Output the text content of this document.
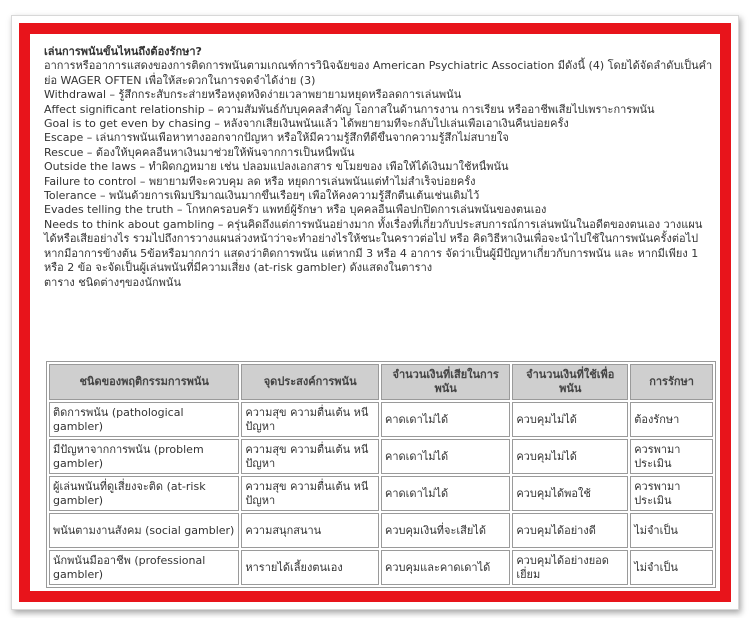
เล่นการพนันขั้นไหนถึงต้องรักษา?
อาการหรืออาการแสดงของการติดการพนันตามเกณฑ์การวินิจฉัยของ American Psychiatric Association มีดังนี้ (4) โดยได้จัดลำดับเป็นคำย่อ WAGER OFTEN เพื่อให้สะดวกในการจดจำได้ง่าย (3)
Withdrawal – รู้สึกกระสับกระส่ายหรือหงุดหงิดง่ายเวลาพยายามหยุดหรือลดการเล่นพนัน
Affect significant relationship – ความสัมพันธ์กับบุคคลสำคัญ โอกาสในด้านการงาน การเรียน หรืออาชีพเสียไปเพราะการพนัน
Goal is to get even by chasing – หลังจากเสียเงินพนันแล้ว ได้พยายามที่จะกลับไปเล่นเพื่อเอาเงินคืนบ่อยครั้ง
Escape – เล่นการพนันเพื่อหาทางออกจากปัญหา หรือให้มีความรู้สึกที่ดีขึ้นจากความรู้สึกไม่สบายใจ
Rescue – ต้องให้บุคคลอื่นหาเงินมาช่วยให้พ้นจากการเป็นหนี้พนัน
Outside the laws – ทำผิดกฎหมาย เช่น ปลอมแปลงเอกสาร ขโมยของ เพื่อให้ได้เงินมาใช้หนี้พนัน
Failure to control – พยายามที่จะควบคุม ลด หรือ หยุดการเล่นพนันแต่ทำไม่สำเร็จบ่อยครั้ง
Tolerance – พนันด้วยการเพิ่มปริมาณเงินมากขึ้นเรื่อยๆ เพื่อให้คงความรู้สึกตื่นเต้นเช่นเดิมไว้
Evades telling the truth – โกหกครอบครัว แพทย์ผู้รักษา หรือ บุคคลอื่นเพื่อปกปิดการเล่นพนันของตนเอง
Needs to think about gambling – ครุ่นคิดถึงแต่การพนันอย่างมาก ทั้งเรื่องที่เกี่ยวกับประสบการณ์การเล่นพนันในอดีตของตนเอง วางแผนได้หรือเสียอย่างไร รวมไปถึงการวางแผนล่วงหน้าว่าจะทำอย่างไรให้ชนะในคราวต่อไป หรือ คิดวิธีหาเงินเพื่อจะนำไปใช้ในการพนันครั้งต่อไป
หากมีอาการข้างต้น 5ข้อหรือมากกว่า แสดงว่าติดการพนัน แต่หากมี 3 หรือ 4 อาการ จัดว่าเป็นผู้มีปัญหาเกี่ยวกับการพนัน และ หากมีเพียง 1 หรือ 2 ข้อ จะจัดเป็นผู้เล่นพนันที่มีความเสี่ยง (at-risk gambler) ดังแสดงในตาราง
ตาราง ชนิดต่างๆของนักพนัน
ชนิดของพฤติกรรมการพนัน	จุดประสงค์การพนัน	จำนวนเงินที่เสียในการพนัน	จำนวนเงินที่ใช้เพื่อพนัน	การรักษา
ติดการพนัน (pathological gambler)	ความสุข ความตื่นเต้น หนีปัญหา	คาดเดาไม่ได้	ควบคุมไม่ได้	ต้องรักษา
มีปัญหาจากการพนัน (problem gambler)	ความสุข ความตื่นเต้น หนีปัญหา	คาดเดาไม่ได้	ควบคุมไม่ได้	ควรพามาประเมิน
ผู้เล่นพนันที่ดูเสี่ยงจะติด (at-risk gambler)	ความสุข ความตื่นเต้น หนีปัญหา	คาดเดาไม่ได้	ควบคุมได้พอใช้	ควรพามาประเมิน
พนันตามงานสังคม (social gambler)	ความสนุกสนาน	ควบคุมเงินที่จะเสียได้	ควบคุมได้อย่างดี	ไม่จำเป็น
นักพนันมืออาชีพ (professional gambler)	หารายได้เลี้ยงตนเอง	ควบคุมและคาดเดาได้	ควบคุมได้อย่างยอดเยี่ยม	ไม่จำเป็น
